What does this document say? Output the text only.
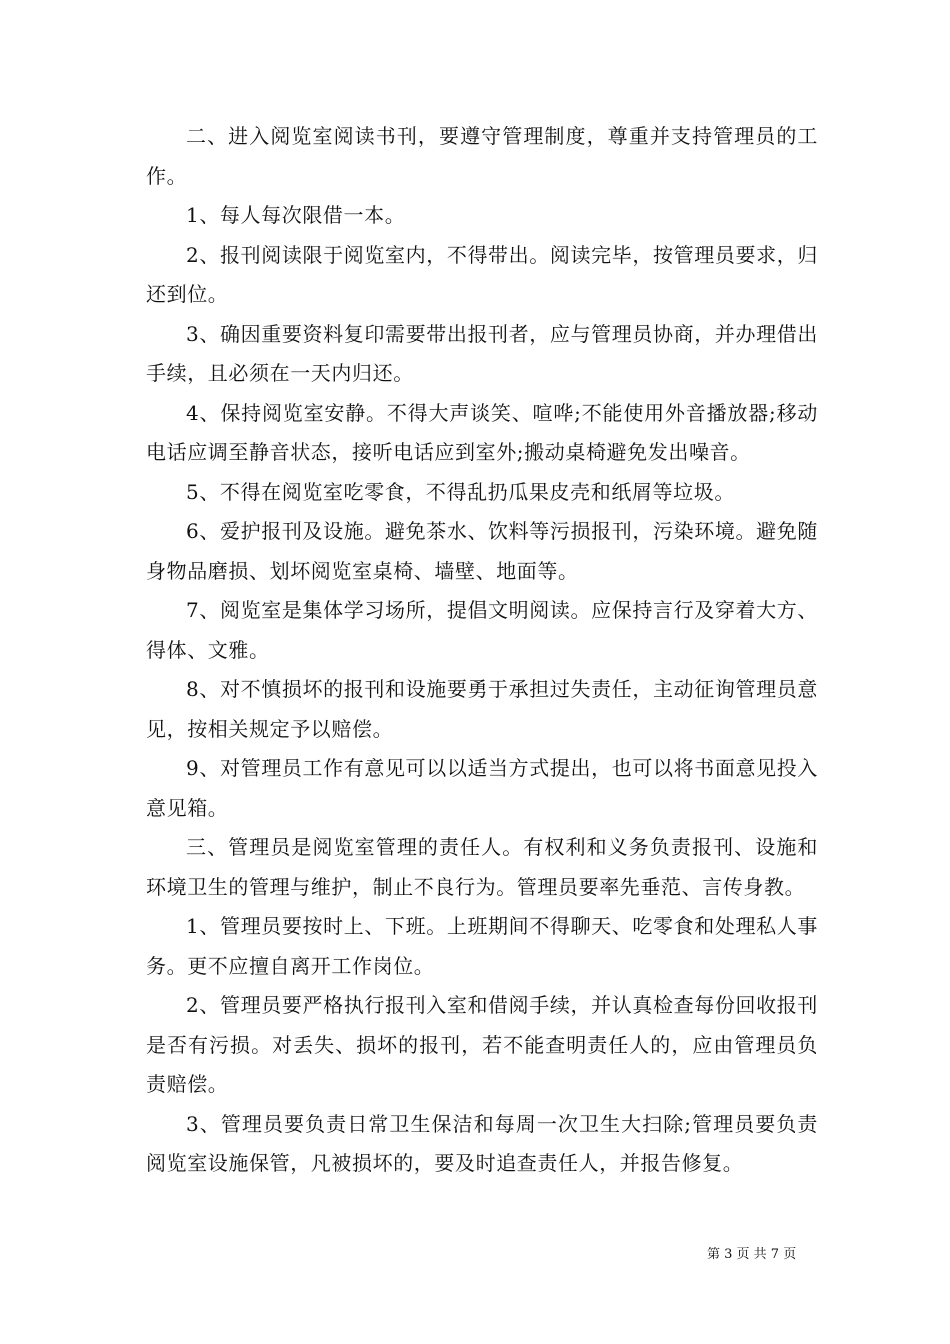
二、进入阅览室阅读书刊，要遵守管理制度，尊重并支持管理员的工作。

1、每人每次限借一本。

2、报刊阅读限于阅览室内，不得带出。阅读完毕，按管理员要求，归还到位。

3、确因重要资料复印需要带出报刊者，应与管理员协商，并办理借出手续，且必须在一天内归还。

4、保持阅览室安静。不得大声谈笑、喧哗;不能使用外音播放器;移动电话应调至静音状态，接听电话应到室外;搬动桌椅避免发出噪音。

5、不得在阅览室吃零食，不得乱扔瓜果皮壳和纸屑等垃圾。

6、爱护报刊及设施。避免茶水、饮料等污损报刊，污染环境。避免随身物品磨损、划坏阅览室桌椅、墙壁、地面等。

7、阅览室是集体学习场所，提倡文明阅读。应保持言行及穿着大方、得体、文雅。

8、对不慎损坏的报刊和设施要勇于承担过失责任，主动征询管理员意见，按相关规定予以赔偿。

9、对管理员工作有意见可以以适当方式提出，也可以将书面意见投入意见箱。

三、管理员是阅览室管理的责任人。有权利和义务负责报刊、设施和环境卫生的管理与维护，制止不良行为。管理员要率先垂范、言传身教。

1、管理员要按时上、下班。上班期间不得聊天、吃零食和处理私人事务。更不应擅自离开工作岗位。

2、管理员要严格执行报刊入室和借阅手续，并认真检查每份回收报刊是否有污损。对丢失、损坏的报刊，若不能查明责任人的，应由管理员负责赔偿。

3、管理员要负责日常卫生保洁和每周一次卫生大扫除;管理员要负责阅览室设施保管，凡被损坏的，要及时追查责任人，并报告修复。

第 3 页 共 7 页
